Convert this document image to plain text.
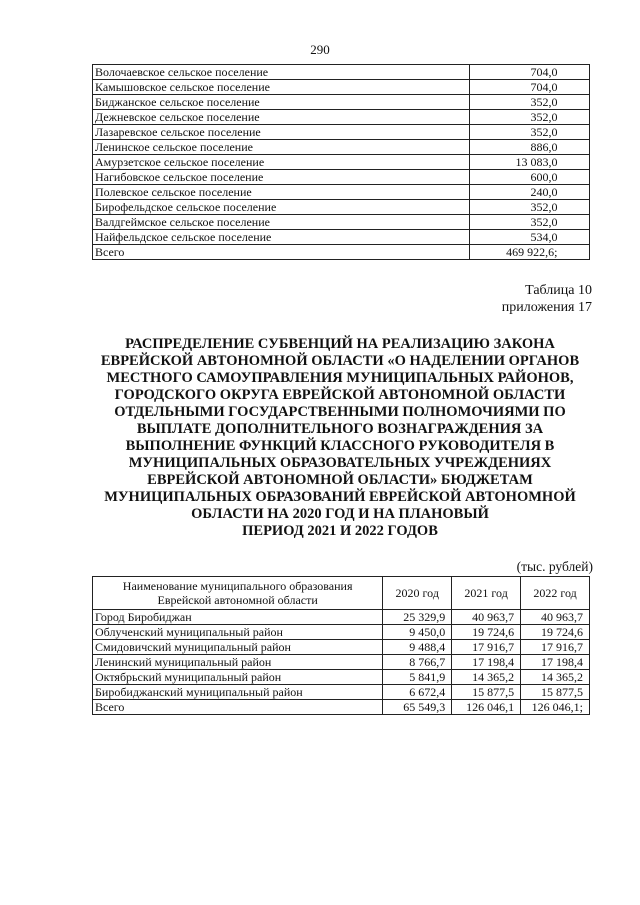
290
Волочаевское сельское поселение	704,0
Камышовское сельское поселение	704,0
Биджанское сельское поселение	352,0
Дежневское сельское поселение	352,0
Лазаревское сельское поселение	352,0
Ленинское сельское поселение	886,0
Амурзетское сельское поселение	13 083,0
Нагибовское сельское поселение	600,0
Полевское сельское поселение	240,0
Бирофельдское сельское поселение	352,0
Валдгеймское сельское поселение	352,0
Найфельдское сельское поселение	534,0
Всего	469 922,6;
Таблица 10
приложения 17
РАСПРЕДЕЛЕНИЕ СУБВЕНЦИЙ НА РЕАЛИЗАЦИЮ ЗАКОНА
ЕВРЕЙСКОЙ АВТОНОМНОЙ ОБЛАСТИ «О НАДЕЛЕНИИ ОРГАНОВ
МЕСТНОГО САМОУПРАВЛЕНИЯ МУНИЦИПАЛЬНЫХ РАЙОНОВ,
ГОРОДСКОГО ОКРУГА ЕВРЕЙСКОЙ АВТОНОМНОЙ ОБЛАСТИ
ОТДЕЛЬНЫМИ ГОСУДАРСТВЕННЫМИ ПОЛНОМОЧИЯМИ ПО
ВЫПЛАТЕ ДОПОЛНИТЕЛЬНОГО ВОЗНАГРАЖДЕНИЯ ЗА
ВЫПОЛНЕНИЕ ФУНКЦИЙ КЛАССНОГО РУКОВОДИТЕЛЯ В
МУНИЦИПАЛЬНЫХ ОБРАЗОВАТЕЛЬНЫХ УЧРЕЖДЕНИЯХ
ЕВРЕЙСКОЙ АВТОНОМНОЙ ОБЛАСТИ» БЮДЖЕТАМ
МУНИЦИПАЛЬНЫХ ОБРАЗОВАНИЙ ЕВРЕЙСКОЙ АВТОНОМНОЙ
ОБЛАСТИ НА 2020 ГОД И НА ПЛАНОВЫЙ
ПЕРИОД 2021 И 2022 ГОДОВ
(тыс. рублей)
Наименование муниципального образования Еврейской автономной области	2020 год	2021 год	2022 год
Город Биробиджан	25 329,9	40 963,7	40 963,7
Облученский муниципальный район	9 450,0	19 724,6	19 724,6
Смидовичский муниципальный район	9 488,4	17 916,7	17 916,7
Ленинский муниципальный район	8 766,7	17 198,4	17 198,4
Октябрьский муниципальный район	5 841,9	14 365,2	14 365,2
Биробиджанский муниципальный район	6 672,4	15 877,5	15 877,5
Всего	65 549,3	126 046,1	126 046,1;
